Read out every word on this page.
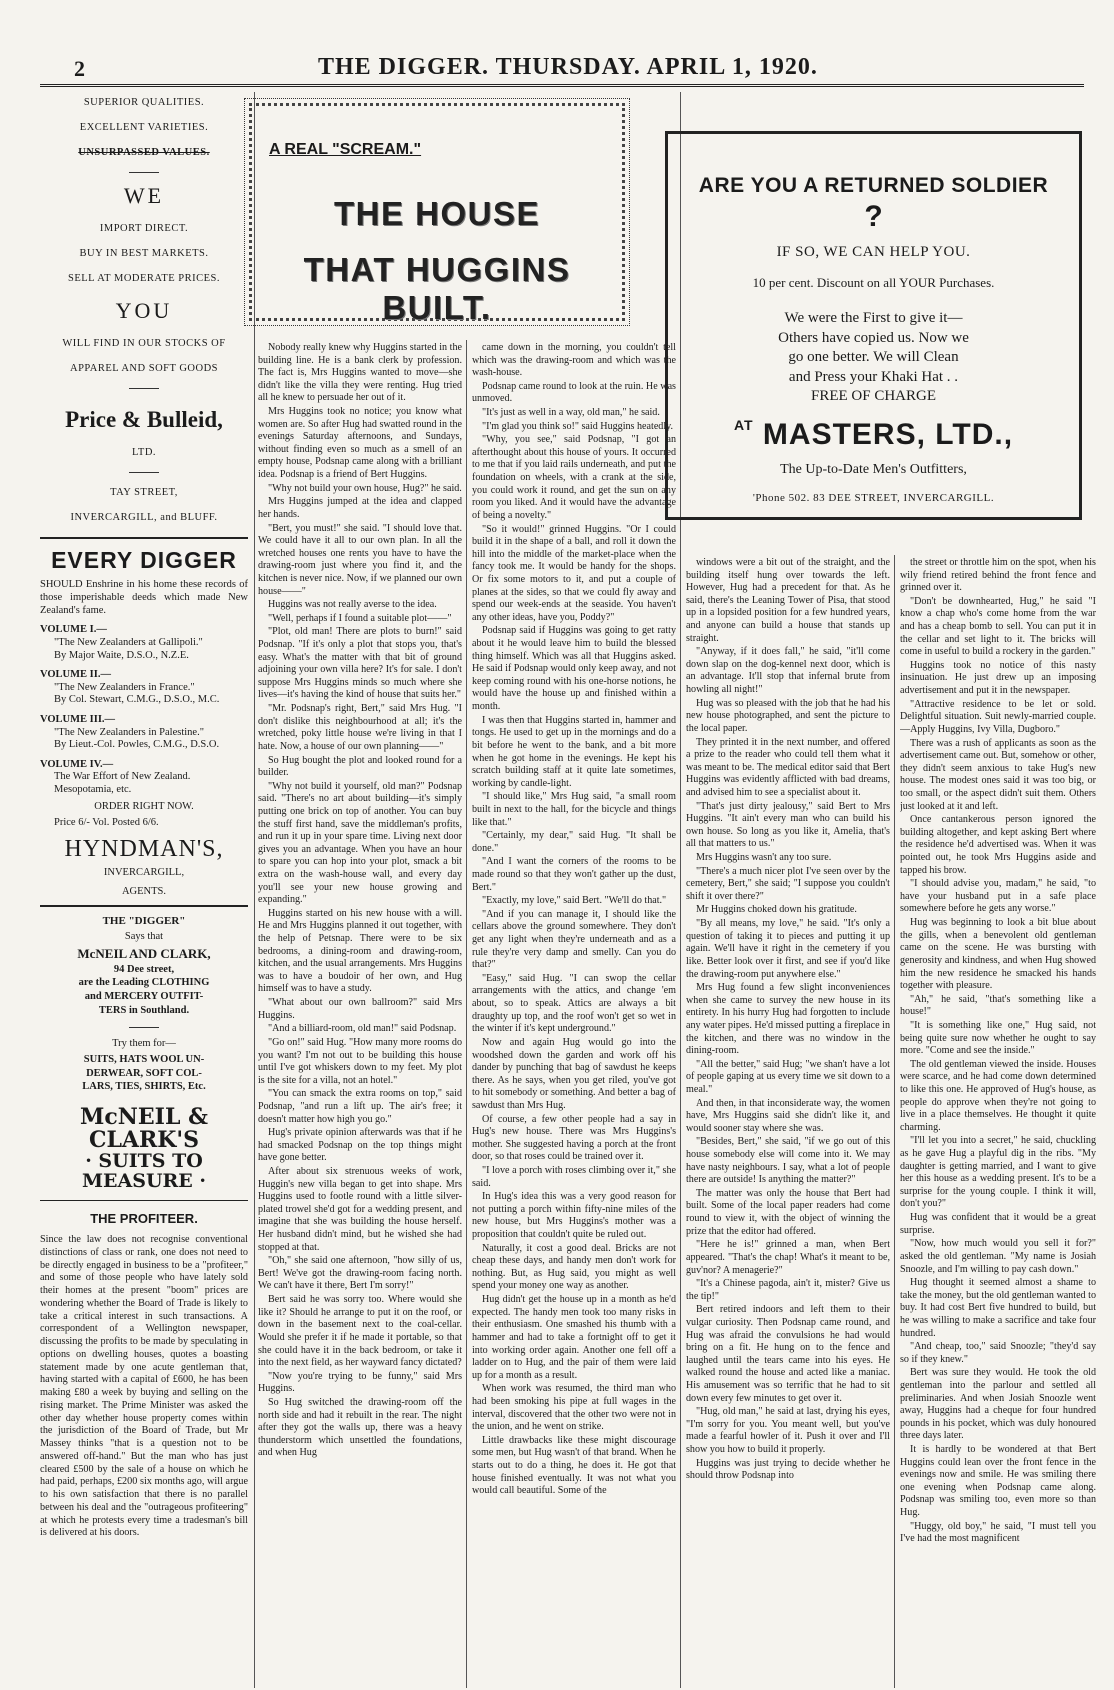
2	THE DIGGER. THURSDAY. APRIL 1, 1920.
SUPERIOR QUALITIES.
EXCELLENT VARIETIES.
UNSURPASSED VALUES.
WE
IMPORT DIRECT.
BUY IN BEST MARKETS.
SELL AT MODERATE PRICES.
YOU
WILL FIND IN OUR STOCKS OF
APPAREL AND SOFT GOODS
Price & Bulleid,
LTD.
TAY STREET,
INVERCARGILL, and BLUFF.
EVERY DIGGER
SHOULD Enshrine in his home these records of those imperishable deeds which made New Zealand's fame.
VOLUME I.—
"The New Zealanders at Gallipoli."
By Major Waite, D.S.O., N.Z.E.
VOLUME II.—
"The New Zealanders in France."
By Col. Stewart, C.M.G., D.S.O., M.C.
VOLUME III.—
"The New Zealanders in Palestine."
By Lieut.-Col. Powles, C.M.G., D.S.O.
VOLUME IV.—
The War Effort of New Zealand.
Mesopotamia, etc.
ORDER RIGHT NOW.
Price 6/- Vol. Posted 6/6.
HYNDMAN'S,
INVERCARGILL,
AGENTS.
THE "DIGGER"
Says that
McNEIL AND CLARK,
94 Dee street,
are the Leading CLOTHING
and MERCERY OUTFIT-
TERS in Southland.
Try them for—
SUITS, HATS WOOL UN-
DERWEAR, SOFT COL-
LARS, TIES, SHIRTS, Etc.
McNEIL & CLARK'S
· SUITS TO MEASURE ·
THE PROFITEER.
Since the law does not recognise conventional distinctions of class or rank, one does not need to be directly engaged in business to be a "profiteer," and some of those people who have lately sold their homes at the present "boom" prices are wondering whether the Board of Trade is likely to take a critical interest in such transactions. A correspondent of a Wellington newspaper, discussing the profits to be made by speculating in options on dwelling houses, quotes a boasting statement made by one acute gentleman that, having started with a capital of £600, he has been making £80 a week by buying and selling on the rising market. The Prime Minister was asked the other day whether house property comes within the jurisdiction of the Board of Trade, but Mr Massey thinks "that is a question not to be answered off-hand." But the man who has just cleared £500 by the sale of a house on which he had paid, perhaps, £200 six months ago, will argue to his own satisfaction that there is no parallel between his deal and the "outrageous profiteering" at which he protests every time a tradesman's bill is delivered at his doors.
A REAL "SCREAM."
THE HOUSE
THAT HUGGINS BUILT.
ARE YOU A RETURNED SOLDIER
?
IF SO, WE CAN HELP YOU.
10 per cent. Discount on all YOUR Purchases.
We were the First to give it—
Others have copied us. Now we
go one better. We will Clean
and Press your Khaki Hat . .
FREE OF CHARGE
$^{AT}$ MASTERS, LTD.,
The Up-to-Date Men's Outfitters,
'Phone 502. 83 DEE STREET, INVERCARGILL.

Nobody really knew why Huggins started in the building line. He is a bank clerk by profession. The fact is, Mrs Huggins wanted to move—she didn't like the villa they were renting. Hug tried all he knew to persuade her out of it.

Mrs Huggins took no notice; you know what women are. So after Hug had swatted round in the evenings Saturday afternoons, and Sundays, without finding even so much as a smell of an empty house, Podsnap came along with a brilliant idea. Podsnap is a friend of Bert Huggins.

"Why not build your own house, Hug?" he said.

Mrs Huggins jumped at the idea and clapped her hands.

"Bert, you must!" she said. "I should love that. We could have it all to our own plan. In all the wretched houses one rents you have to have the drawing-room just where you find it, and the kitchen is never nice. Now, if we planned our own house——"

Huggins was not really averse to the idea.

"Well, perhaps if I found a suitable plot——"

"Plot, old man! There are plots to burn!" said Podsnap. "If it's only a plot that stops you, that's easy. What's the matter with that bit of ground adjoining your own villa here? It's for sale. I don't suppose Mrs Huggins minds so much where she lives—it's having the kind of house that suits her."

"Mr. Podsnap's right, Bert," said Mrs Hug. "I don't dislike this neighbourhood at all; it's the wretched, poky little house we're living in that I hate. Now, a house of our own planning——"

So Hug bought the plot and looked round for a builder.

"Why not build it yourself, old man?" Podsnap said. "There's no art about building—it's simply putting one brick on top of another. You can buy the stuff first hand, save the middleman's profits, and run it up in your spare time. Living next door gives you an advantage. When you have an hour to spare you can hop into your plot, smack a bit extra on the wash-house wall, and every day you'll see your new house growing and expanding."

Huggins started on his new house with a will. He and Mrs Huggins planned it out together, with the help of Petsnap. There were to be six bedrooms, a dining-room and drawing-room, kitchen, and the usual arrangements. Mrs Huggins was to have a boudoir of her own, and Hug himself was to have a study.

"What about our own ballroom?" said Mrs Huggins.

"And a billiard-room, old man!" said Podsnap.

"Go on!" said Hug. "How many more rooms do you want? I'm not out to be building this house until I've got whiskers down to my feet. My plot is the site for a villa, not an hotel."

"You can smack the extra rooms on top," said Podsnap, "and run a lift up. The air's free; it doesn't matter how high you go."

Hug's private opinion afterwards was that if he had smacked Podsnap on the top things might have gone better.

After about six strenuous weeks of work, Huggin's new villa began to get into shape. Mrs Huggins used to footle round with a little silver-plated trowel she'd got for a wedding present, and imagine that she was building the house herself. Her husband didn't mind, but he wished she had stopped at that.

"Oh," she said one afternoon, "how silly of us, Bert! We've got the drawing-room facing north. We can't have it there, Bert I'm sorry!"

Bert said he was sorry too. Where would she like it? Should he arrange to put it on the roof, or down in the basement next to the coal-cellar. Would she prefer it if he made it portable, so that she could have it in the back bedroom, or take it into the next field, as her wayward fancy dictated?

"Now you're trying to be funny," said Mrs Huggins.

So Hug switched the drawing-room off the north side and had it rebuilt in the rear. The night after they got the walls up, there was a heavy thunderstorm which unsettled the foundations, and when Hug

came down in the morning, you couldn't tell which was the drawing-room and which was the wash-house.

Podsnap came round to look at the ruin. He was unmoved.

"It's just as well in a way, old man," he said.

"I'm glad you think so!" said Huggins heatedly.

"Why, you see," said Podsnap, "I got an afterthought about this house of yours. It occurred to me that if you laid rails underneath, and put the foundation on wheels, with a crank at the side, you could work it round, and get the sun on any room you liked. And it would have the advantage of being a novelty."

"So it would!" grinned Huggins. "Or I could build it in the shape of a ball, and roll it down the hill into the middle of the market-place when the fancy took me. It would be handy for the shops. Or fix some motors to it, and put a couple of planes at the sides, so that we could fly away and spend our week-ends at the seaside. You haven't any other ideas, have you, Poddy?"

Podsnap said if Huggins was going to get ratty about it he would leave him to build the blessed thing himself. Which was all that Huggins asked. He said if Podsnap would only keep away, and not keep coming round with his one-horse notions, he would have the house up and finished within a month.

I was then that Huggins started in, hammer and tongs. He used to get up in the mornings and do a bit before he went to the bank, and a bit more when he got home in the evenings. He kept his scratch building staff at it quite late sometimes, working by candle-light.

"I should like," Mrs Hug said, "a small room built in next to the hall, for the bicycle and things like that."

"Certainly, my dear," said Hug. "It shall be done."

"And I want the corners of the rooms to be made round so that they won't gather up the dust, Bert."

"Exactly, my love," said Bert. "We'll do that."

"And if you can manage it, I should like the cellars above the ground somewhere. They don't get any light when they're underneath and as a rule they're very damp and smelly. Can you do that?"

"Easy," said Hug. "I can swop the cellar arrangements with the attics, and change 'em about, so to speak. Attics are always a bit draughty up top, and the roof won't get so wet in the winter if it's kept underground."

Now and again Hug would go into the woodshed down the garden and work off his dander by punching that bag of sawdust he keeps there. As he says, when you get riled, you've got to hit somebody or something. And better a bag of sawdust than Mrs Hug.

Of course, a few other people had a say in Hug's new house. There was Mrs Huggins's mother. She suggested having a porch at the front door, so that roses could be trained over it.

"I love a porch with roses climbing over it," she said.

In Hug's idea this was a very good reason for not putting a porch within fifty-nine miles of the new house, but Mrs Huggins's mother was a proposition that couldn't quite be ruled out.

Naturally, it cost a good deal. Bricks are not cheap these days, and handy men don't work for nothing. But, as Hug said, you might as well spend your money one way as another.

Hug didn't get the house up in a month as he'd expected. The handy men took too many risks in their enthusiasm. One smashed his thumb with a hammer and had to take a fortnight off to get it into working order again. Another one fell off a ladder on to Hug, and the pair of them were laid up for a month as a result.

When work was resumed, the third man who had been smoking his pipe at full wages in the interval, discovered that the other two were not in the union, and he went on strike.

Little drawbacks like these might discourage some men, but Hug wasn't of that brand. When he starts out to do a thing, he does it. He got that house finished eventually. It was not what you would call beautiful. Some of the

windows were a bit out of the straight, and the building itself hung over towards the left. However, Hug had a precedent for that. As he said, there's the Leaning Tower of Pisa, that stood up in a lopsided position for a few hundred years, and anyone can build a house that stands up straight.

"Anyway, if it does fall," he said, "it'll come down slap on the dog-kennel next door, which is an advantage. It'll stop that infernal brute from howling all night!"

Hug was so pleased with the job that he had his new house photographed, and sent the picture to the local paper.

They printed it in the next number, and offered a prize to the reader who could tell them what it was meant to be. The medical editor said that Bert Huggins was evidently afflicted with bad dreams, and advised him to see a specialist about it.

"That's just dirty jealousy," said Bert to Mrs Huggins. "It ain't every man who can build his own house. So long as you like it, Amelia, that's all that matters to us."

Mrs Huggins wasn't any too sure.

"There's a much nicer plot I've seen over by the cemetery, Bert," she said; "I suppose you couldn't shift it over there?"

Mr Huggins choked down his gratitude.

"By all means, my love," he said. "It's only a question of taking it to pieces and putting it up again. We'll have it right in the cemetery if you like. Better look over it first, and see if you'd like the drawing-room put anywhere else."

Mrs Hug found a few slight inconveniences when she came to survey the new house in its entirety. In his hurry Hug had forgotten to include any water pipes. He'd missed putting a fireplace in the kitchen, and there was no window in the dining-room.

"All the better," said Hug; "we shan't have a lot of people gaping at us every time we sit down to a meal."

And then, in that inconsiderate way, the women have, Mrs Huggins said she didn't like it, and would sooner stay where she was.

"Besides, Bert," she said, "if we go out of this house somebody else will come into it. We may have nasty neighbours. I say, what a lot of people there are outside! Is anything the matter?"

The matter was only the house that Bert had built. Some of the local paper readers had come round to view it, with the object of winning the prize that the editor had offered.

"Here he is!" grinned a man, when Bert appeared. "That's the chap! What's it meant to be, guv'nor? A menagerie?"

"It's a Chinese pagoda, ain't it, mister? Give us the tip!"

Bert retired indoors and left them to their vulgar curiosity. Then Podsnap came round, and Hug was afraid the convulsions he had would bring on a fit. He hung on to the fence and laughed until the tears came into his eyes. He walked round the house and acted like a maniac. His amusement was so terrific that he had to sit down every few minutes to get over it.

"Hug, old man," he said at last, drying his eyes, "I'm sorry for you. You meant well, but you've made a fearful howler of it. Push it over and I'll show you how to build it properly.

Huggins was just trying to decide whether he should throw Podsnap into

the street or throttle him on the spot, when his wily friend retired behind the front fence and grinned over it.

"Don't be downhearted, Hug," he said "I know a chap who's come home from the war and has a cheap bomb to sell. You can put it in the cellar and set light to it. The bricks will come in useful to build a rockery in the garden."

Huggins took no notice of this nasty insinuation. He just drew up an imposing advertisement and put it in the newspaper.

"Attractive residence to be let or sold. Delightful situation. Suit newly-married couple.—Apply Huggins, Ivy Villa, Dugboro."

There was a rush of applicants as soon as the advertisement came out. But, somehow or other, they didn't seem anxious to take Hug's new house. The modest ones said it was too big, or too small, or the aspect didn't suit them. Others just looked at it and left.

Once cantankerous person ignored the building altogether, and kept asking Bert where the residence he'd advertised was. When it was pointed out, he took Mrs Huggins aside and tapped his brow.

"I should advise you, madam," he said, "to have your husband put in a safe place somewhere before he gets any worse."

Hug was beginning to look a bit blue about the gills, when a benevolent old gentleman came on the scene. He was bursting with generosity and kindness, and when Hug showed him the new residence he smacked his hands together with pleasure.

"Ah," he said, "that's something like a house!"

"It is something like one," Hug said, not being quite sure now whether he ought to say more. "Come and see the inside."

The old gentleman viewed the inside. Houses were scarce, and he had come down determined to like this one. He approved of Hug's house, as people do approve when they're not going to live in a place themselves. He thought it quite charming.

"I'll let you into a secret," he said, chuckling as he gave Hug a playful dig in the ribs. "My daughter is getting married, and I want to give her this house as a wedding present. It's to be a surprise for the young couple. I think it will, don't you?"

Hug was confident that it would be a great surprise.

"Now, how much would you sell it for?" asked the old gentleman. "My name is Josiah Snoozle, and I'm willing to pay cash down."

Hug thought it seemed almost a shame to take the money, but the old gentleman wanted to buy. It had cost Bert five hundred to build, but he was willing to make a sacrifice and take four hundred.

"And cheap, too," said Snoozle; "they'd say so if they knew."

Bert was sure they would. He took the old gentleman into the parlour and settled all preliminaries. And when Josiah Snoozle went away, Huggins had a cheque for four hundred pounds in his pocket, which was duly honoured three days later.

It is hardly to be wondered at that Bert Huggins could lean over the front fence in the evenings now and smile. He was smiling there one evening when Podsnap came along. Podsnap was smiling too, even more so than Hug.

"Huggy, old boy," he said, "I must tell you I've had the most magnificent
